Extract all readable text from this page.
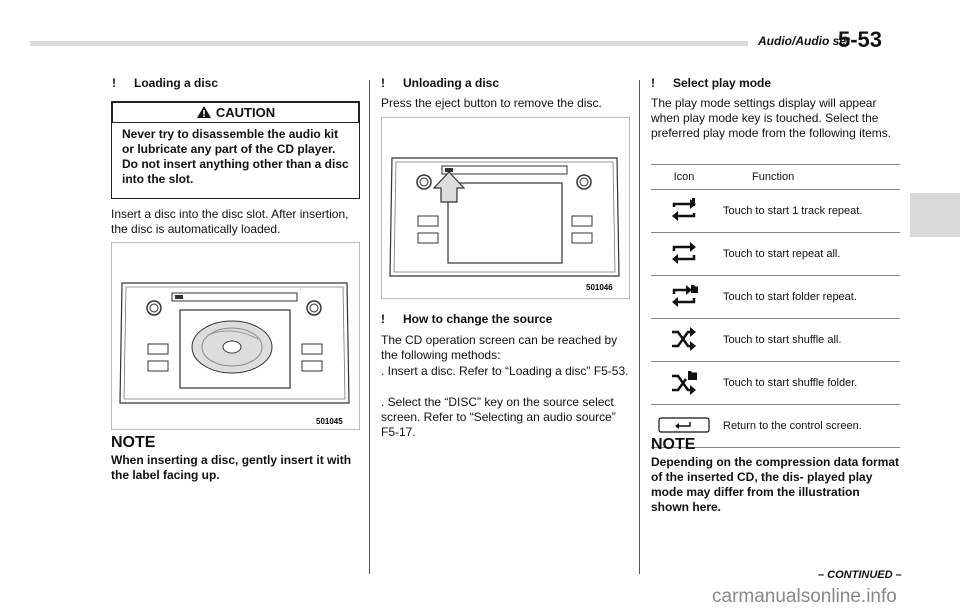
Audio/Audio set
5-53
! Loading a disc
CAUTION
Never try to disassemble the audio kit or lubricate any part of the CD player. Do not insert anything other than a disc into the slot.
Insert a disc into the disc slot. After insertion, the disc is automatically loaded.
501045
NOTE
When inserting a disc, gently insert it with the label facing up.
! Unloading a disc
Press the eject button to remove the disc.
501046
! How to change the source
The CD operation screen can be reached by the following methods:
. Insert a disc. Refer to “Loading a disc” F5-53.
. Select the “DISC” key on the source select screen. Refer to “Selecting an audio source” F5-17.
! Select play mode
The play mode settings display will appear when play mode key is touched. Select the preferred play mode from the following items.
Icon	Function
	Touch to start 1 track repeat.
	Touch to start repeat all.
	Touch to start folder repeat.
	Touch to start shuffle all.
	Touch to start shuffle folder.
	Return to the control screen.
NOTE
Depending on the compression data format of the inserted CD, the dis- played play mode may differ from the illustration shown here.
– CONTINUED –
carmanualsonline.info
